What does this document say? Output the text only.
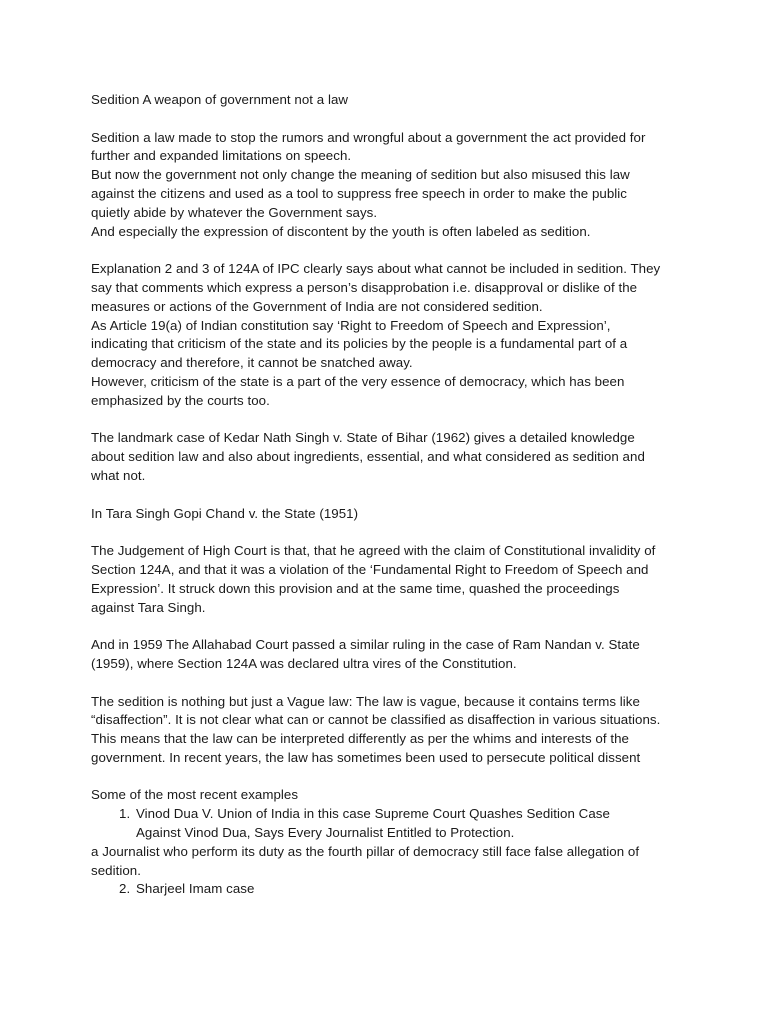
Sedition A weapon of government not a law
Sedition a law made to stop the rumors and wrongful about a government the act provided for
further and expanded limitations on speech.
But now the government not only change the meaning of sedition but also misused this law
against the citizens and used as a tool to suppress free speech in order to make the public
quietly abide by whatever the Government says.
And especially the expression of discontent by the youth is often labeled as sedition.
Explanation 2 and 3 of 124A of IPC clearly says about what cannot be included in sedition. They
say that comments which express a person’s disapprobation i.e. disapproval or dislike of the
measures or actions of the Government of India are not considered sedition.
As Article 19(a) of Indian constitution say ‘Right to Freedom of Speech and Expression’,
indicating that criticism of the state and its policies by the people is a fundamental part of a
democracy and therefore, it cannot be snatched away.
However, criticism of the state is a part of the very essence of democracy, which has been
emphasized by the courts too.
The landmark case of Kedar Nath Singh v. State of Bihar (1962) gives a detailed knowledge
about sedition law and also about ingredients, essential, and what considered as sedition and
what not.
In Tara Singh Gopi Chand v. the State (1951)
The Judgement of High Court is that, that he agreed with the claim of Constitutional invalidity of
Section 124A, and that it was a violation of the ‘Fundamental Right to Freedom of Speech and
Expression’. It struck down this provision and at the same time, quashed the proceedings
against Tara Singh.
And in 1959 The Allahabad Court passed a similar ruling in the case of Ram Nandan v. State
(1959), where Section 124A was declared ultra vires of the Constitution.
The sedition is nothing but just a Vague law: The law is vague, because it contains terms like
“disaffection”. It is not clear what can or cannot be classified as disaffection in various situations.
This means that the law can be interpreted differently as per the whims and interests of the
government. In recent years, the law has sometimes been used to persecute political dissent
Some of the most recent examples
1. Vinod Dua V. Union of India in this case Supreme Court Quashes Sedition Case
Against Vinod Dua, Says Every Journalist Entitled to Protection.
a Journalist who perform its duty as the fourth pillar of democracy still face false allegation of
sedition.
2. Sharjeel Imam case
